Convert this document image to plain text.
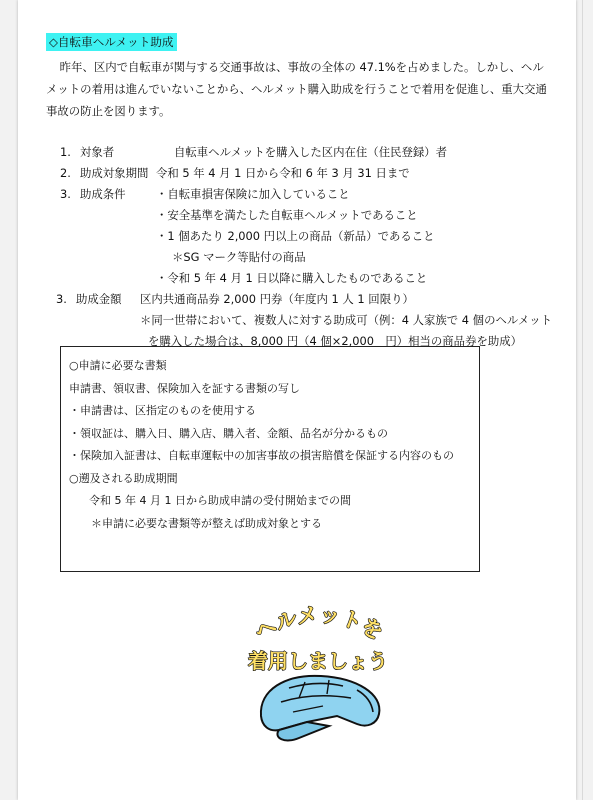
◇自転車ヘルメット助成
昨年、区内で自転車が関与する交通事故は、事故の全体の 47.1%を占めました。しかし、ヘルメットの着用は進んでいないことから、ヘルメット購入助成を行うことで着用を促進し、重大交通事故の防止を図ります。
1. 対象者	自転車ヘルメットを購入した区内在住（住民登録）者
2. 助成対象期間 令和 5 年 4 月 1 日から令和 6 年 3 月 31 日まで
3. 助成条件	・自転車損害保険に加入していること
・安全基準を満たした自転車ヘルメットであること
・1 個あたり 2,000 円以上の商品（新品）であること
＊SG マーク等貼付の商品
・令和 5 年 4 月 1 日以降に購入したものであること
3. 助成金額 区内共通商品券 2,000 円券（年度内 1 人 1 回限り）
＊同一世帯において、複数人に対する助成可（例：4 人家族で 4 個のヘルメット
を購入した場合は、8,000 円（4 個×2,000　円）相当の商品券を助成）
○申請に必要な書類
申請書、領収書、保険加入を証する書類の写し
・申請書は、区指定のものを使用する
・領収証は、購入日、購入店、購入者、金額、品名が分かるもの
・保険加入証書は、自転車運転中の加害事故の損害賠償を保証する内容のもの
○遡及される助成期間
令和 5 年 4 月 1 日から助成申請の受付開始までの間
＊申請に必要な書類等が整えば助成対象とする
ヘルメットを
着用しましょう
